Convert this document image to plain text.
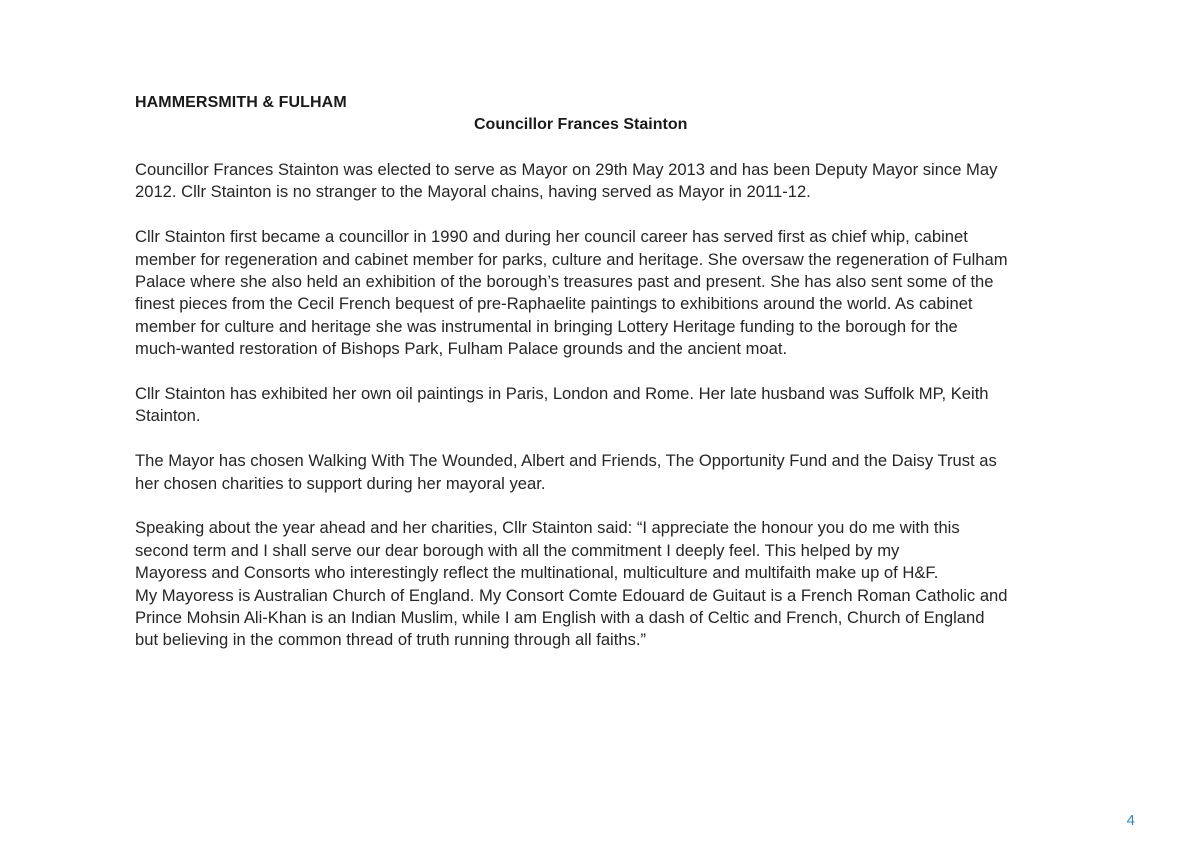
HAMMERSMITH & FULHAM
Councillor Frances Stainton

Councillor Frances Stainton was elected to serve as Mayor on 29th May 2013 and has been Deputy Mayor since May
2012. Cllr Stainton is no stranger to the Mayoral chains, having served as Mayor in 2011-12.

Cllr Stainton first became a councillor in 1990 and during her council career has served first as chief whip, cabinet
member for regeneration and cabinet member for parks, culture and heritage. She oversaw the regeneration of Fulham
Palace where she also held an exhibition of the borough’s treasures past and present. She has also sent some of the
finest pieces from the Cecil French bequest of pre-Raphaelite paintings to exhibitions around the world. As cabinet
member for culture and heritage she was instrumental in bringing Lottery Heritage funding to the borough for the
much-wanted restoration of Bishops Park, Fulham Palace grounds and the ancient moat.

Cllr Stainton has exhibited her own oil paintings in Paris, London and Rome. Her late husband was Suffolk MP, Keith
Stainton.

The Mayor has chosen Walking With The Wounded, Albert and Friends, The Opportunity Fund and the Daisy Trust as
her chosen charities to support during her mayoral year.

Speaking about the year ahead and her charities, Cllr Stainton said: “I appreciate the honour you do me with this
second term and I shall serve our dear borough with all the commitment I deeply feel. This helped by my
Mayoress and Consorts who interestingly reflect the multinational, multiculture and multifaith make up of H&F.
My Mayoress is Australian Church of England. My Consort Comte Edouard de Guitaut is a French Roman Catholic and
Prince Mohsin Ali-Khan is an Indian Muslim, while I am English with a dash of Celtic and French, Church of England
but believing in the common thread of truth running through all faiths.”

4
